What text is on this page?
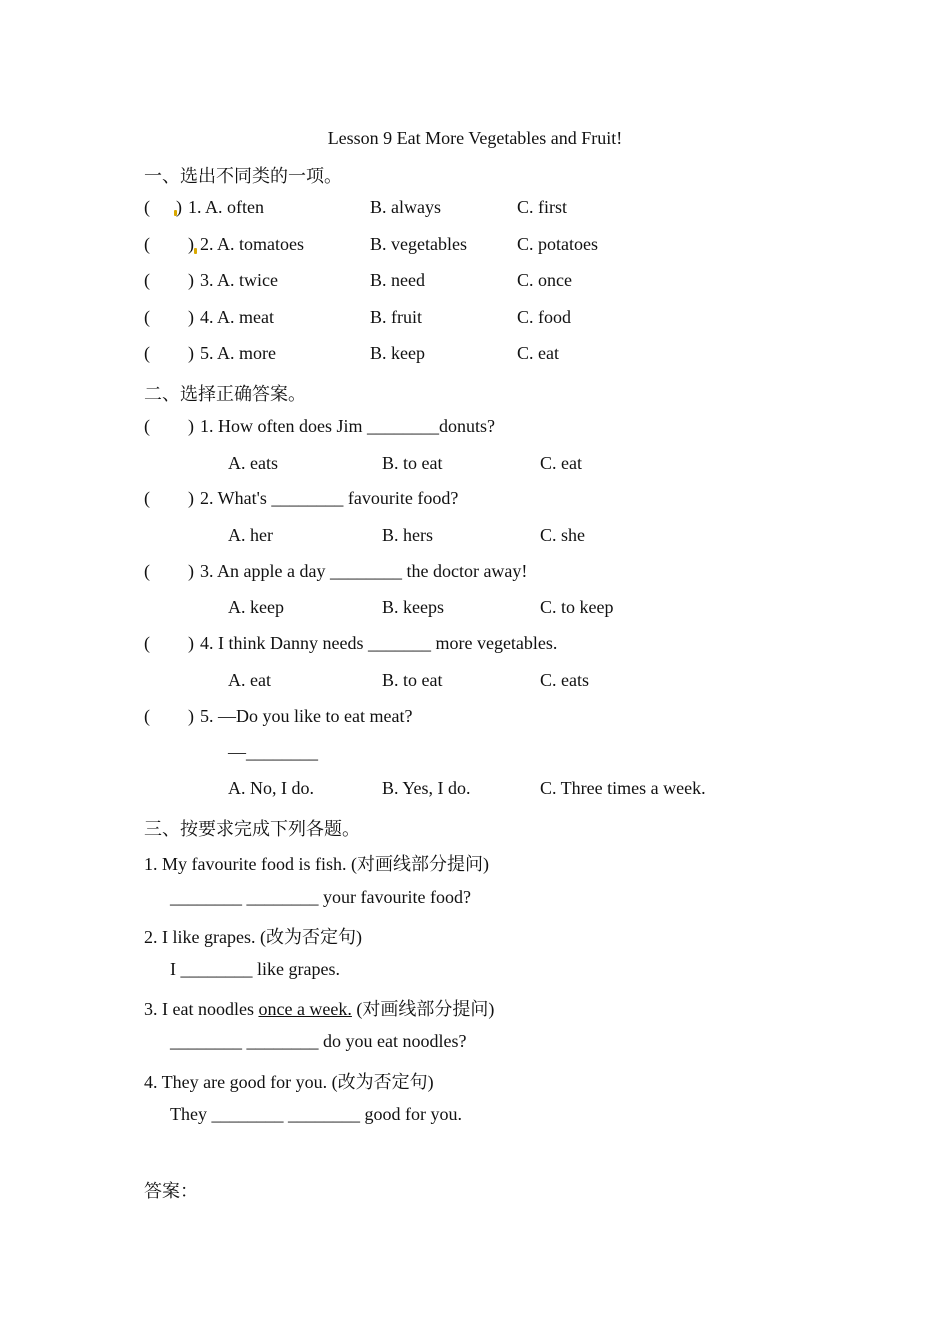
Lesson 9 Eat More Vegetables and Fruit!
一、选出不同类的一项。
( ) 1. A. often	B. always	C. first
( ) 2. A. tomatoes	B. vegetables	C. potatoes
( ) 3. A. twice	B. need	C. once
( ) 4. A. meat	B. fruit	C. food
( ) 5. A. more	B. keep	C. eat
二、选择正确答案。
( ) 1. How often does Jim ________donuts?
A. eats	B. to eat	C. eat
( ) 2. What's ________ favourite food?
A. her	B. hers	C. she
( ) 3. An apple a day ________ the doctor away!
A. keep	B. keeps	C. to keep
( ) 4. I think Danny needs _______ more vegetables.
A. eat	B. to eat	C. eats
( ) 5. —Do you like to eat meat?
—________
A. No, I do.	B. Yes, I do.	C. Three times a week.
三、按要求完成下列各题。
1. My favourite food is fish. (对画线部分提问)
________ ________ your favourite food?
2. I like grapes. (改为否定句)
I ________ like grapes.
3. I eat noodles once a week. (对画线部分提问)
________ ________ do you eat noodles?
4. They are good for you. (改为否定句)
They ________ ________ good for you.
答案：
